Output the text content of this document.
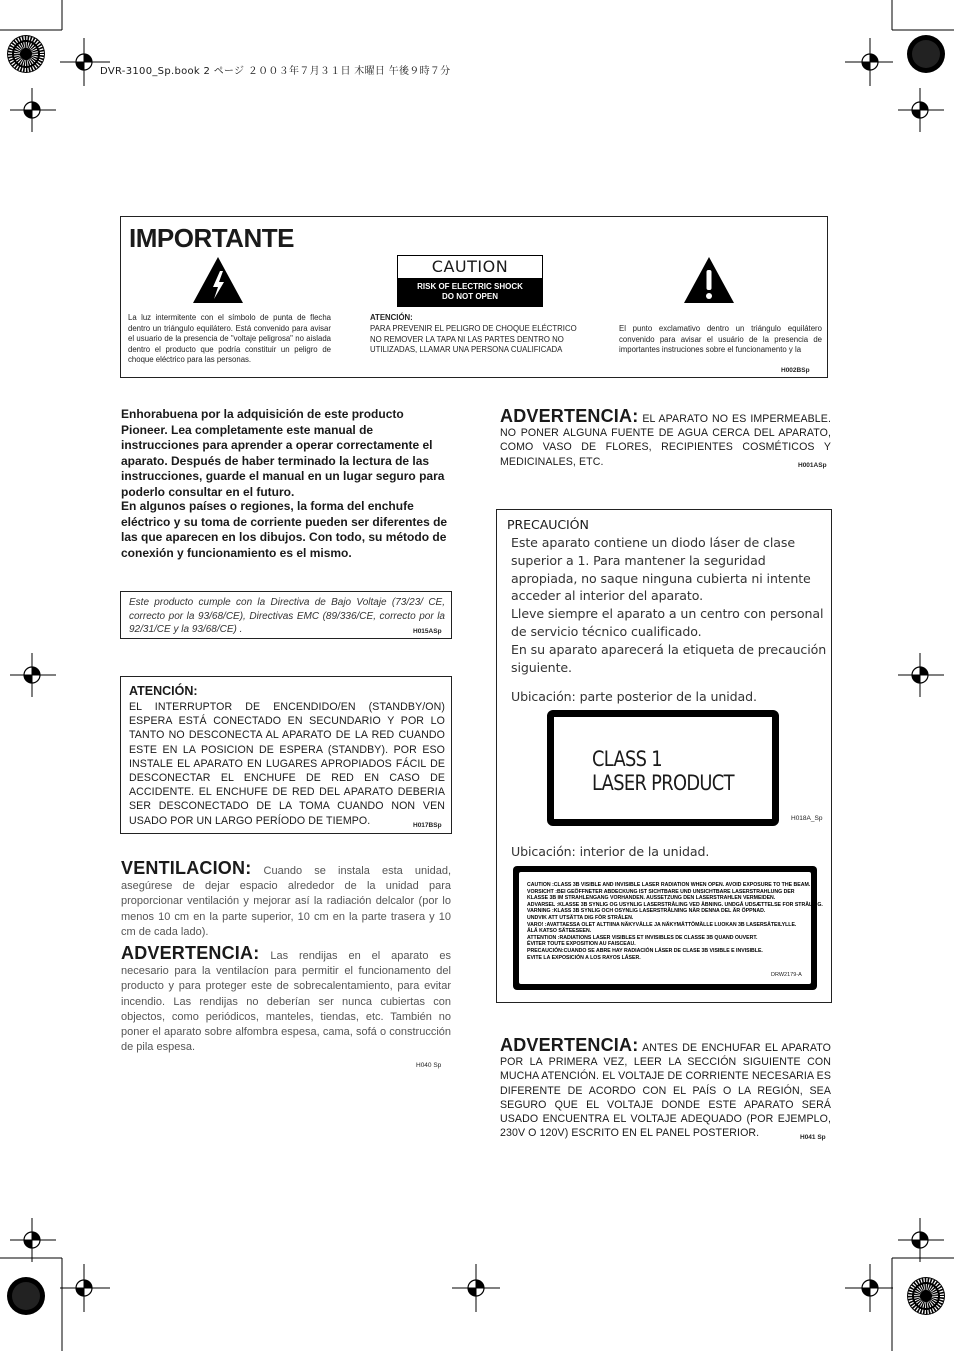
DVR-3100_Sp.book 2 ページ ２００３年７月３１日 木曜日 午後９時７分
IMPORTANTE
La luz intermitente con el símbolo de punta de flecha dentro un triángulo equilátero. Está convenido para avisar el usuario de la presencia de "voltaje peligrosa" no aislada dentro el producto que podría constituir un peligro de choque eléctrico para las personas.
CAUTION
RISK OF ELECTRIC SHOCK
DO NOT OPEN
ATENCIÓN:
PARA PREVENIR EL PELIGRO DE CHOQUE ELÉCTRICO NO REMOVER LA TAPA NI LAS PARTES DENTRO NO UTILIZADAS, LLAMAR UNA PERSONA CUALIFICADA
El punto exclamativo dentro un triángulo equilátero convenido para avisar el usuário de la presencia de importantes instruciones sobre el funcionamento y la
H002BSp
Enhorabuena por la adquisición de este producto Pioneer. Lea completamente este manual de instrucciones para aprender a operar correctamente el aparato. Después de haber terminado la lectura de las instrucciones, guarde el manual en un lugar seguro para poderlo consultar en el futuro.
En algunos países o regiones, la forma del enchufe eléctrico y su toma de corriente pueden ser diferentes de las que aparecen en los dibujos. Con todo, su método de conexión y funcionamiento es el mismo.
Este producto cumple con la Directiva de Bajo Voltaje (73/23/ CE, correcto por la 93/68/CE), Directivas EMC (89/336/CE, correcto por la 92/31/CE y la 93/68/CE) .	H015ASp
ATENCIÓN:
EL INTERRUPTOR DE ENCENDIDO/EN (STANDBY/ON) ESPERA ESTÁ CONECTADO EN SECUNDARIO Y POR LO TANTO NO DESCONECTA AL APARATO DE LA RED CUANDO ESTE EN LA POSICION DE ESPERA (STANDBY). POR ESO INSTALE EL APARATO EN LUGARES APROPIADOS FÁCIL DE DESCONECTAR EL ENCHUFE DE RED EN CASO DE ACCIDENTE. EL ENCHUFE DE RED DEL APARATO DEBERIA SER DESCONECTADO DE LA TOMA CUANDO NON VEN USADO POR UN LARGO PERÍODO DE TIEMPO.	H017BSp
VENTILACION: Cuando se instala esta unidad, asegúrese de dejar espacio alrededor de la unidad para proporcionar ventilación y mejorar así la radiación delcalor (por lo menos 10 cm en la parte superior, 10 cm en la parte trasera y 10 cm de cada lado).
ADVERTENCIA: Las rendijas en el aparato es necesario para la ventilacíon para permitir el funcionamento del producto y para proteger este de sobrecalentamiento, para evitar incendio. Las rendijas no deberían ser nunca cubiertas con objectos, como periódicos, manteles, tiendas, etc. También no poner el aparato sobre alfombra espesa, cama, sofá o construcción de pila espesa.
H040 Sp
ADVERTENCIA: EL APARATO NO ES IMPERMEABLE. NO PONER ALGUNA FUENTE DE AGUA CERCA DEL APARATO, COMO VASO DE FLORES, RECIPIENTES COSMÉTICOS Y MEDICINALES, ETC.	H001ASp
PRECAUCIÓN
Este aparato contiene un diodo láser de clase
superior a 1. Para mantener la seguridad
apropiada, no saque ninguna cubierta ni intente
acceder al interior del aparato.
Lleve siempre el aparato a un centro con personal
de servicio técnico cualificado.
En su aparato aparecerá la etiqueta de precaución
siguiente.
Ubicación: parte posterior de la unidad.
CLASS 1
LASER PRODUCT
H018A_Sp
Ubicación: interior de la unidad.
CAUTION :CLASS 3B VISIBLE AND INVISIBLE LASER RADIATION WHEN OPEN. AVOID EXPOSURE TO THE BEAM.
VORSICHT :BEI GEÖFFNETER ABDECKUNG IST SICHTBARE UND UNSICHTBARE LASERSTRAHLUNG DER
KLASSE 3B IM STRAHLENGANG VORHANDEN. AUSSETZUNG DEN LASERSTRAHLEN VERMEIDEN.
ADVARSEL :KLASSE 3B SYNLIG OG USYNLIG LASERSTRÅLING VED ÅBNING. UNDGÅ UDSÆTTELSE FOR STRÅLING.
VARNING :KLASS 3B SYNLIG OCH OSYNLIG LASERSTRÅLNING NÄR DENNA DEL ÄR ÖPPNAD.
UNDVIK ATT UTSÄTTA DIG FÖR STRÅLEN.
VARO! :AVATTAESSA OLET ALTTIINA NÄKYVÄLLE JA NÄKYMÄTTÖMÄLLE LUOKAN 3B LASERSÄTEILYLLE.
ÄLÄ KATSO SÄTEESEEN.
ATTENTION :RADIATIONS LASER VISIBLES ET INVISIBLES DE CLASSE 3B QUAND OUVERT.
ÉVITER TOUTE EXPOSITION AU FAISCEAU.
PRECAUCIÓN:CUANDO SE ABRE HAY RADIACIÓN LÁSER DE CLASE 3B VISIBLE E INVISIBLE.
EVITE LA EXPOSICIÓN A LOS RAYOS LÁSER.
DRW2179-A
ADVERTENCIA: ANTES DE ENCHUFAR EL APARATO POR LA PRIMERA VEZ, LEER LA SECCIÓN SIGUIENTE CON MUCHA ATENCIÓN. EL VOLTAJE DE CORRIENTE NECESARIA ES DIFERENTE DE ACORDO CON EL PAÍS O LA REGIÓN, SEA SEGURO QUE EL VOLTAJE DONDE ESTE APARATO SERÁ USADO ENCUENTRA EL VOLTAJE ADEQUADO (POR EJEMPLO, 230V O 120V) ESCRITO EN EL PANEL POSTERIOR.	H041 Sp
